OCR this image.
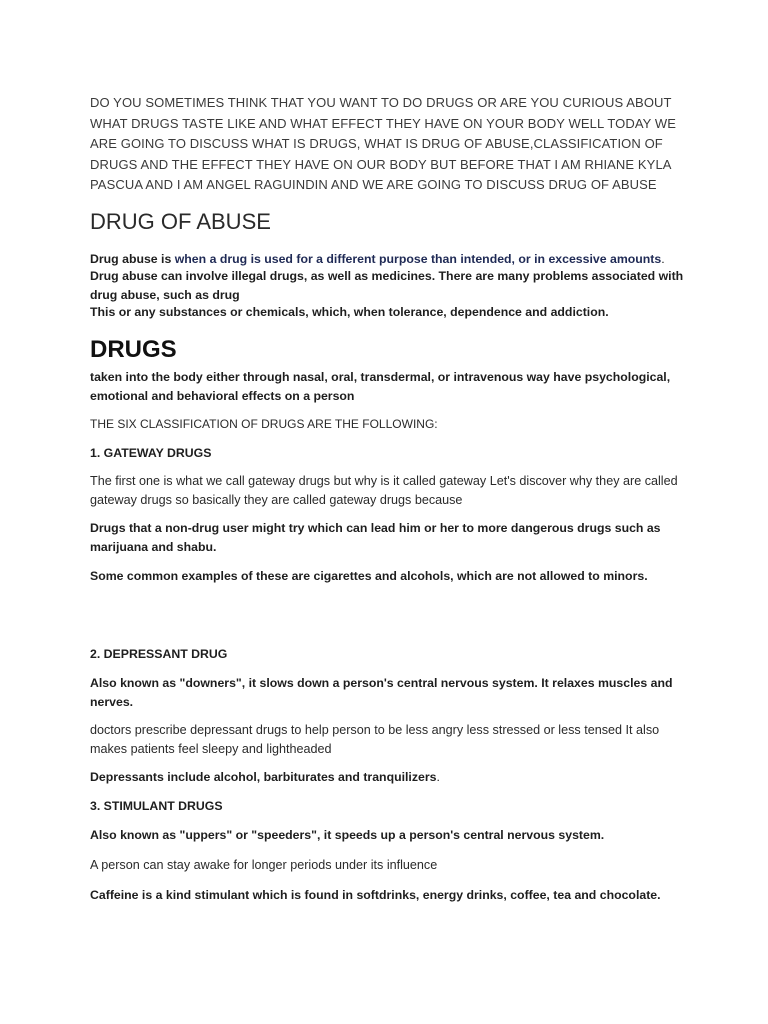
DO YOU SOMETIMES THINK THAT YOU WANT TO DO DRUGS OR ARE YOU CURIOUS ABOUT WHAT DRUGS TASTE LIKE AND WHAT EFFECT THEY HAVE ON YOUR BODY WELL TODAY WE ARE GOING TO DISCUSS WHAT IS DRUGS, WHAT IS DRUG OF ABUSE,CLASSIFICATION OF DRUGS AND THE EFFECT THEY HAVE ON OUR BODY BUT BEFORE THAT I AM RHIANE KYLA PASCUA AND I AM ANGEL RAGUINDIN AND WE ARE GOING TO DISCUSS DRUG OF ABUSE

DRUG OF ABUSE

Drug abuse is when a drug is used for a different purpose than intended, or in excessive amounts.

Drug abuse can involve illegal drugs, as well as medicines. There are many problems associated with drug abuse, such as drug

This or any substances or chemicals, which, when tolerance, dependence and addiction.

DRUGS

taken into the body either through nasal, oral, transdermal, or intravenous way have psychological, emotional and behavioral effects on a person

THE SIX CLASSIFICATION OF DRUGS ARE THE FOLLOWING:

1. GATEWAY DRUGS

The first one is what we call gateway drugs but why is it called gateway Let's discover why they are called gateway drugs so basically they are called gateway drugs because

Drugs that a non-drug user might try which can lead him or her to more dangerous drugs such as marijuana and shabu.

Some common examples of these are cigarettes and alcohols, which are not allowed to minors.

2. DEPRESSANT DRUG

Also known as "downers", it slows down a person's central nervous system. It relaxes muscles and nerves.

doctors prescribe depressant drugs to help person to be less angry less stressed or less tensed It also makes patients feel sleepy and lightheaded

Depressants include alcohol, barbiturates and tranquilizers.

3. STIMULANT DRUGS

Also known as "uppers" or "speeders", it speeds up a person's central nervous system.

A person can stay awake for longer periods under its influence

Caffeine is a kind stimulant which is found in softdrinks, energy drinks, coffee, tea and chocolate.
